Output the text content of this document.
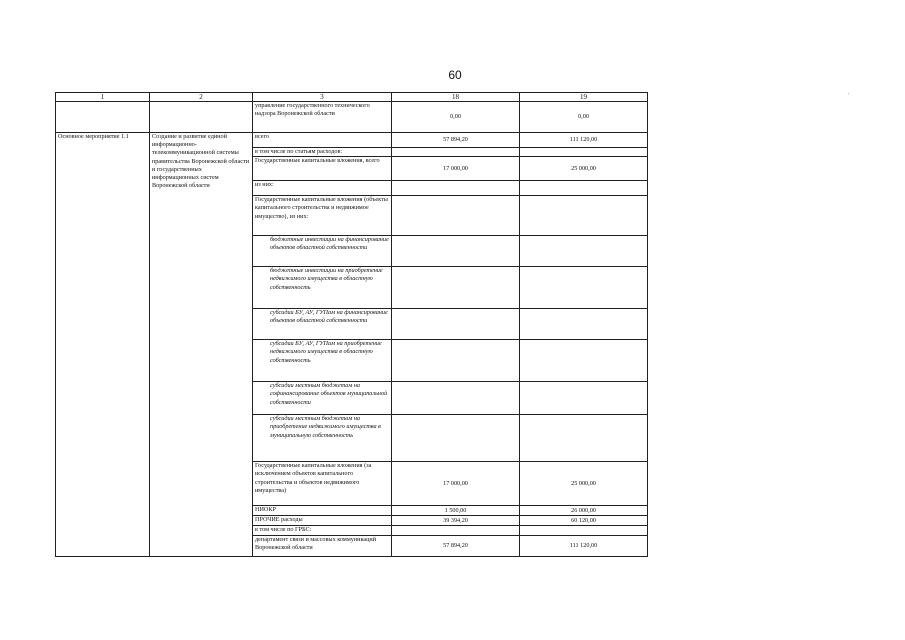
60
1	2	3	18	19
		управление государственного технического надзора Воронежской области	0,00	0,00
Основное мероприятие 1.1	Создание и развитие единой информационно-телекоммуникационной системы правительства Воронежской области и государственных информационных систем Воронежской области	всего	57 894,20	111 120,00
		в том числе по статьям расходов:		
		Государственные капитальные вложения, всего	17 000,00	25 000,00
		из них:		
		Государственные капитальные вложения (объекты капитального строительства и недвижимое имущество), из них:		
		бюджетные инвестиции на финансирование объектов областной собственности		
		бюджетные инвестиции на приобретение недвижимого имущества в областную собственность		
		субсидии БУ, АУ, ГУПам на финансирование объектов областной собственности		
		субсидии БУ, АУ, ГУПам на приобретение недвижимого имущества в областную собственность		
		субсидии местным бюджетам на софинансирование объектов муниципальной собственности		
		субсидии местным бюджетам на приобретение недвижимого имущества в муниципальную собственность		
		Государственные капитальные вложения (за исключением объектов капитального строительства и объектов недвижимого имущества)	17 000,00	25 000,00
		НИОКР	1 500,00	26 000,00
		ПРОЧИЕ расходы	39 394,20	60 120,00
		в том числе по ГРБС:		
		департамент связи и массовых коммуникаций Воронежской области	57 894,20	111 120,00
